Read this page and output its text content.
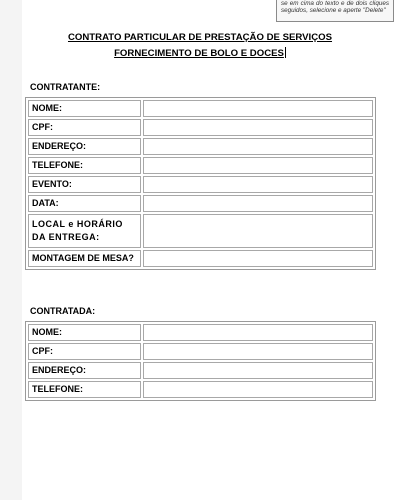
se em cima do texto e de dois cliques seguidos, selecione e aperte "Delete"
CONTRATO PARTICULAR DE PRESTAÇÃO DE SERVIÇOS
FORNECIMENTO DE BOLO E DOCES
CONTRATANTE:
NOME:	
CPF:	
ENDEREÇO:	
TELEFONE:	
EVENTO:	
DATA:	
LOCAL e HORÁRIO DA ENTREGA:	
MONTAGEM DE MESA?	
CONTRATADA:
NOME:	
CPF:	
ENDEREÇO:	
TELEFONE:	
